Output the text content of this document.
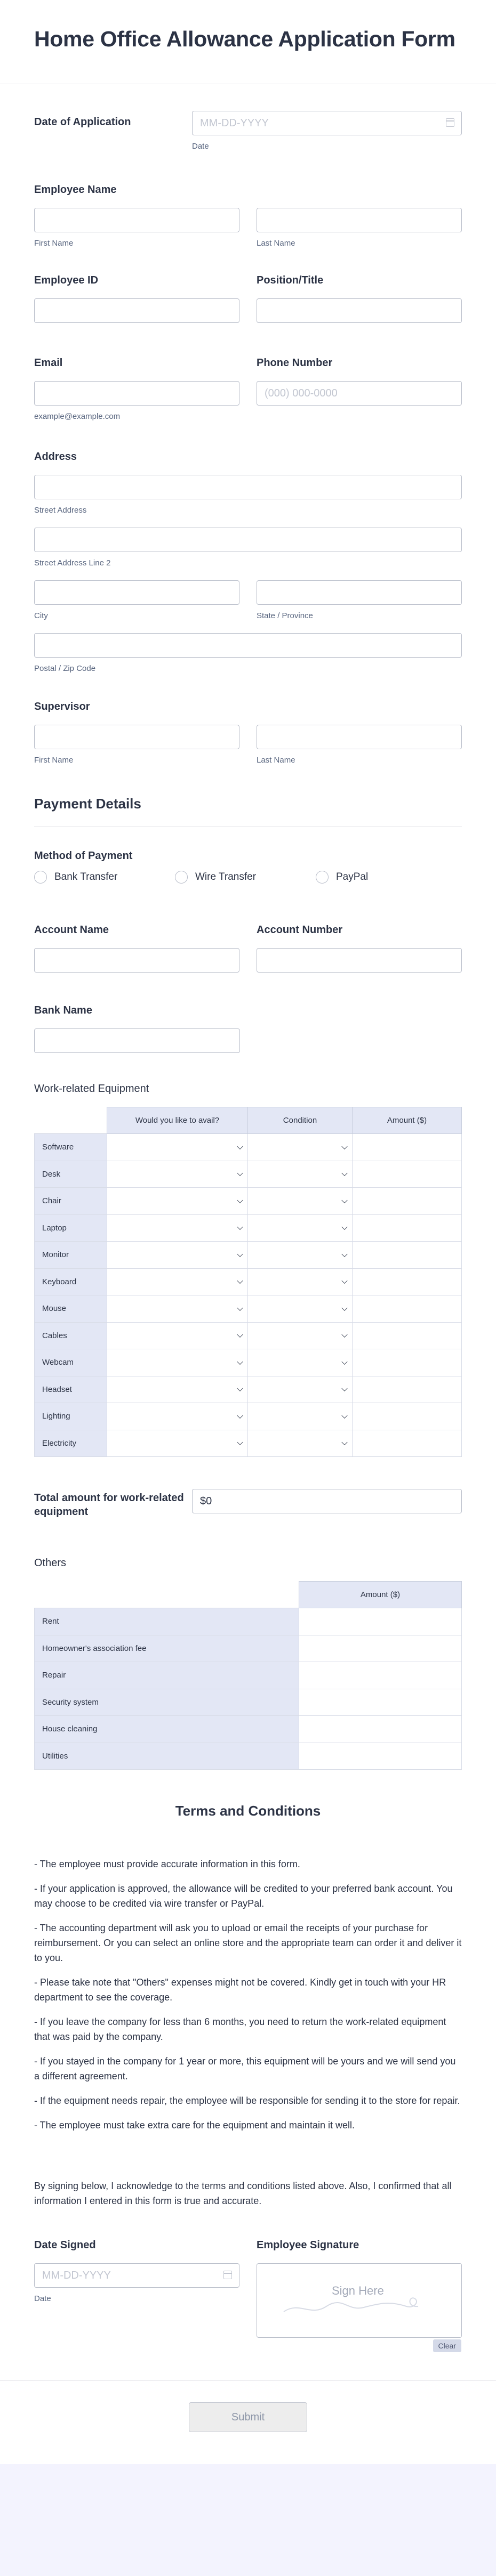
Home Office Allowance Application Form
Date of Application	MM-DD-YYYY
Date
Employee Name
First Name	Last Name
Employee ID	Position/Title
Email
example@example.com
Phone Number
(000) 000-0000
Address
Street Address
Street Address Line 2
City	State / Province
Postal / Zip Code
Supervisor
First Name	Last Name
Payment Details
Method of Payment
Bank Transfer	Wire Transfer	PayPal
Account Name	Account Number
Bank Name
Work-related Equipment
	Would you like to avail?	Condition	Amount ($)
Software	

Desk	

Chair	

Laptop	

Monitor	

Keyboard	

Mouse	

Cables	

Webcam	

Headset	

Lighting	

Electricity	

Total amount for work-related equipment
$0
Others
	Amount ($)
Rent	
Homeowner's association fee	
Repair	
Security system	
House cleaning	
Utilities	
Terms and Conditions

- The employee must provide accurate information in this form.

- If your application is approved, the allowance will be credited to your preferred bank account. You may choose to be credited via wire transfer or PayPal.

- The accounting department will ask you to upload or email the receipts of your purchase for reimbursement. Or you can select an online store and the appropriate team can order it and deliver it to you.

- Please take note that "Others" expenses might not be covered. Kindly get in touch with your HR department to see the coverage.

- If you leave the company for less than 6 months, you need to return the work-related equipment that was paid by the company.

- If you stayed in the company for 1 year or more, this equipment will be yours and we will send you a different agreement.

- If the equipment needs repair, the employee will be responsible for sending it to the store for repair.

- The employee must take extra care for the equipment and maintain it well.

By signing below, I acknowledge to the terms and conditions listed above. Also, I confirmed that all information I entered in this form is true and accurate.

Date Signed
MM-DD-YYYY
Date
Employee Signature
Sign Here
Clear
Submit
